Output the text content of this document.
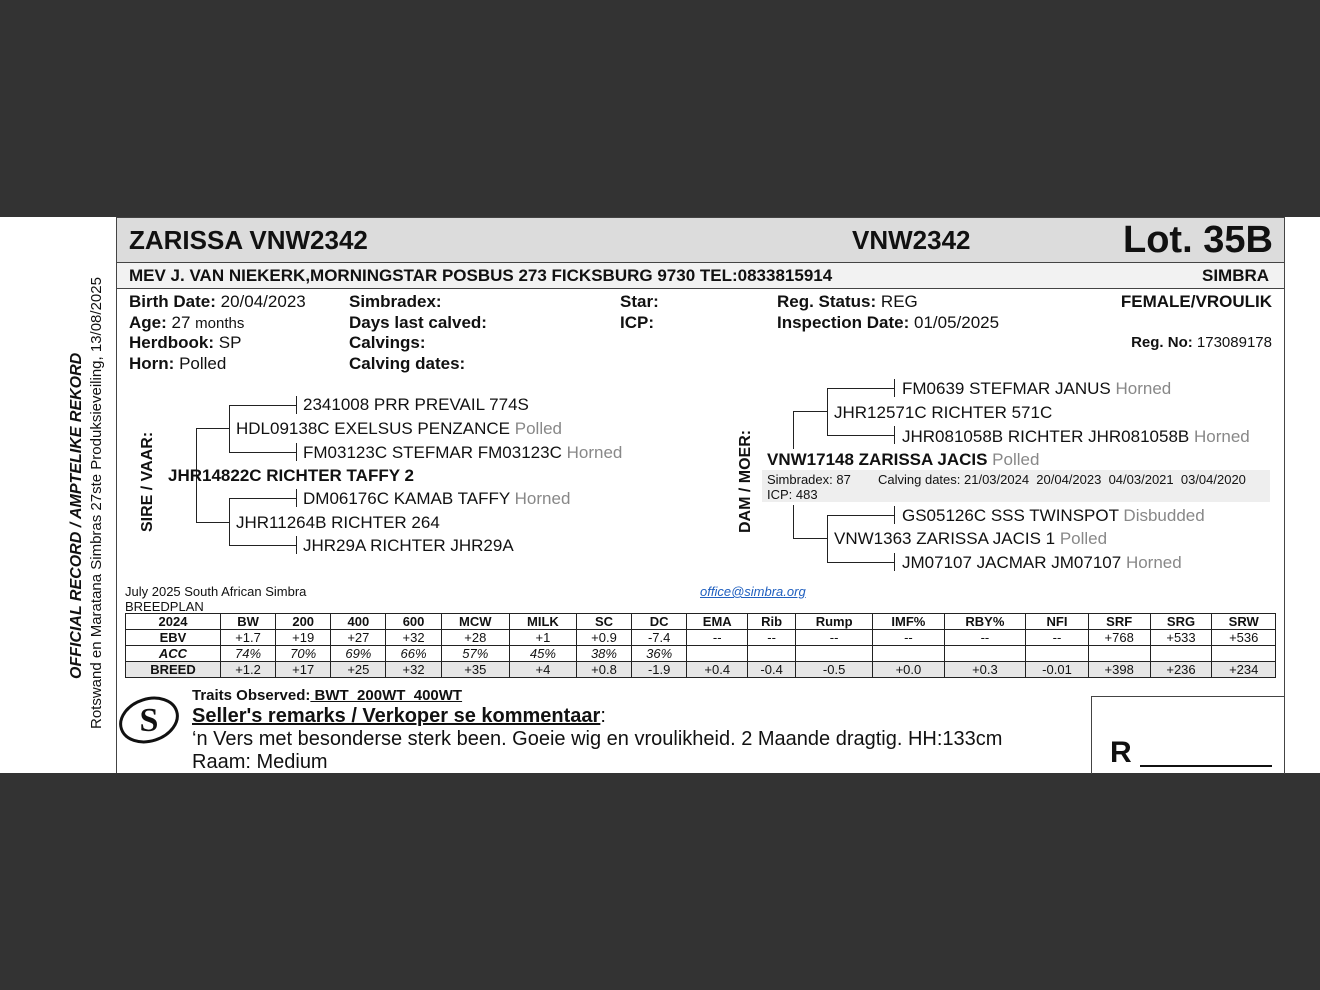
OFFICIAL RECORD / AMPTELIKE REKORD Rotswand en Maratana Simbras 27ste Produksieveiling, 13/08/2025
ZARISSA VNW2342	VNW2342	Lot. 35B
MEV J. VAN NIEKERK,MORNINGSTAR POSBUS 273 FICKSBURG 9730 TEL:0833815914	SIMBRA
Birth Date: 20/04/2023
Age: 27 months
Herdbook: SP
Horn: Polled
Simbradex:
Days last calved:
Calvings:
Calving dates:
Star:
ICP:
Reg. Status: REG
Inspection Date: 01/05/2025
FEMALE/VROULIK
Reg. No: 173089178
SIRE / VAAR:
2341008 PRR PREVAIL 774S
HDL09138C EXELSUS PENZANCE Polled
FM03123C STEFMAR FM03123C Horned
JHR14822C RICHTER TAFFY 2
DM06176C KAMAB TAFFY Horned
JHR11264B RICHTER 264
JHR29A RICHTER JHR29A
DAM / MOER:
FM0639 STEFMAR JANUS Horned
JHR12571C RICHTER 571C
JHR081058B RICHTER JHR081058B Horned
VNW17148 ZARISSA JACIS Polled
Simbradex: 87 Calving dates: 21/03/2024  20/04/2023  04/03/2021  03/04/2020
ICP: 483
GS05126C SSS TWINSPOT Disbudded
VNW1363 ZARISSA JACIS 1 Polled
JM07107 JACMAR JM07107 Horned
July 2025 South African Simbra
BREEDPLAN
office@simbra.org
2024	BW	200	400	600	MCW	MILK	SC	DC	EMA	Rib	Rump	IMF%	RBY%	NFI	SRF	SRG	SRW
EBV	+1.7	+19	+27	+32	+28	+1	+0.9	-7.4	--	--	--	--	--	--	+768	+533	+536
ACC	74%	70%	69%	66%	57%	45%	38%	36%									
BREED	+1.2	+17	+25	+32	+35	+4	+0.8	-1.9	+0.4	-0.4	-0.5	+0.0	+0.3	-0.01	+398	+236	+234
S
Traits Observed: BWT  200WT  400WT
Seller's remarks / Verkoper se kommentaar:
‘n Vers met besonderse sterk been. Goeie wig en vroulikheid. 2 Maande dragtig. HH:133cm
Raam: Medium	R
